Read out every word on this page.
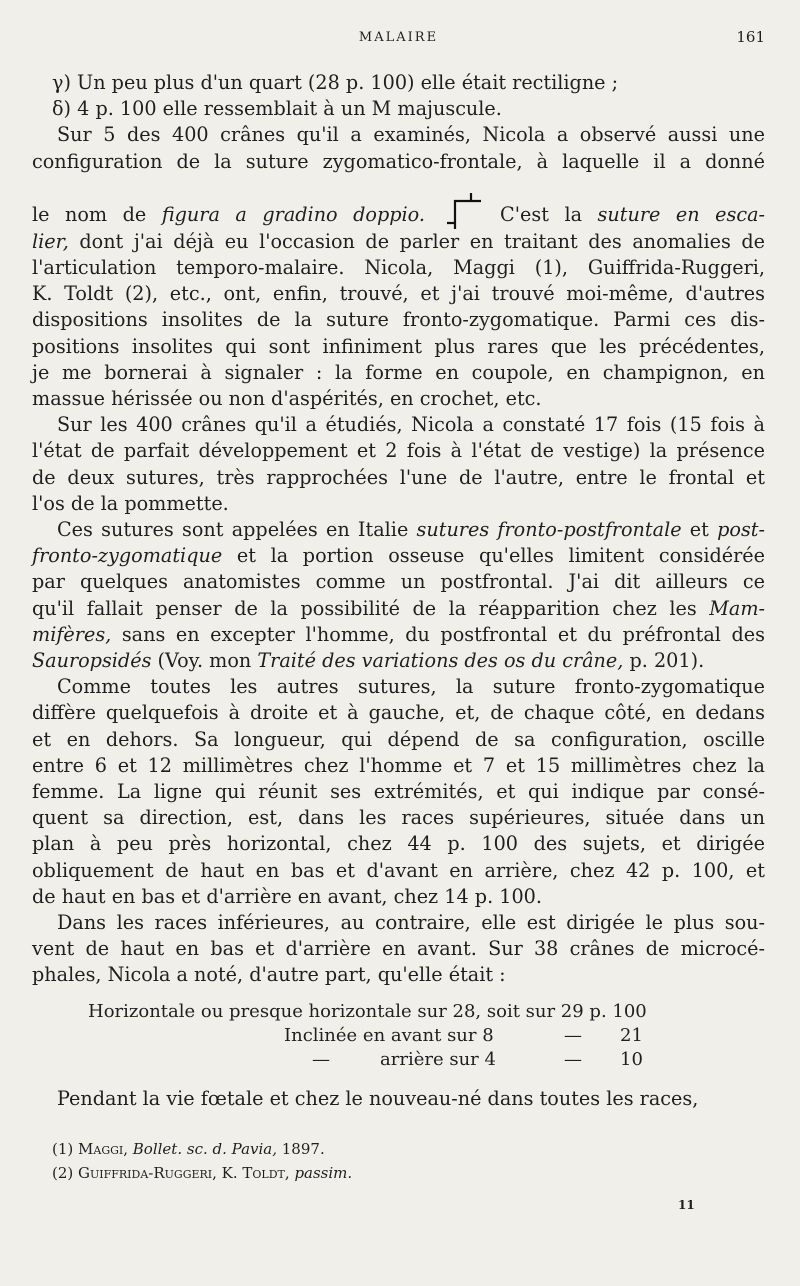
MALAIRE	161
γ) Un peu plus d'un quart (28 p. 100) elle était rectiligne ;
δ) 4 p. 100 elle ressemblait à un M majuscule.
Sur 5 des 400 crânes qu'il a examinés, Nicola a observé aussi une
configuration de la suture zygomatico-frontale, à laquelle il a donné
le nom de figura a gradino doppio.	C'est la suture en esca-
lier, dont j'ai déjà eu l'occasion de parler en traitant des anomalies de
l'articulation temporo-malaire. Nicola, Maggi (1), Guiffrida-Ruggeri,
K. Toldt (2), etc., ont, enfin, trouvé, et j'ai trouvé moi-même, d'autres
dispositions insolites de la suture fronto-zygomatique. Parmi ces dis-
positions insolites qui sont infiniment plus rares que les précédentes,
je me bornerai à signaler : la forme en coupole, en champignon, en
massue hérissée ou non d'aspérités, en crochet, etc.
Sur les 400 crânes qu'il a étudiés, Nicola a constaté 17 fois (15 fois à
l'état de parfait développement et 2 fois à l'état de vestige) la présence
de deux sutures, très rapprochées l'une de l'autre, entre le frontal et
l'os de la pommette.
Ces sutures sont appelées en Italie sutures fronto-postfrontale et post-
fronto-zygomatique et la portion osseuse qu'elles limitent considérée
par quelques anatomistes comme un postfrontal. J'ai dit ailleurs ce
qu'il fallait penser de la possibilité de la réapparition chez les Mam-
mifères, sans en excepter l'homme, du postfrontal et du préfrontal des
Sauropsidés (Voy. mon Traité des variations des os du crâne, p. 201).
Comme toutes les autres sutures, la suture fronto-zygomatique
diffère quelquefois à droite et à gauche, et, de chaque côté, en dedans
et en dehors. Sa longueur, qui dépend de sa configuration, oscille
entre 6 et 12 millimètres chez l'homme et 7 et 15 millimètres chez la
femme. La ligne qui réunit ses extrémités, et qui indique par consé-
quent sa direction, est, dans les races supérieures, située dans un
plan à peu près horizontal, chez 44 p. 100 des sujets, et dirigée
obliquement de haut en bas et d'avant en arrière, chez 42 p. 100, et
de haut en bas et d'arrière en avant, chez 14 p. 100.
Dans les races inférieures, au contraire, elle est dirigée le plus sou-
vent de haut en bas et d'arrière en avant. Sur 38 crânes de microcé-
phales, Nicola a noté, d'autre part, qu'elle était :
Horizontale ou presque horizontale sur 28, soit sur 29 p. 100
Inclinée en avant sur 8	— 21
—	arrière sur 4	— 10
Pendant la vie fœtale et chez le nouveau-né dans toutes les races,
(1) Maggi, Bollet. sc. d. Pavia, 1897.
(2) Guiffrida-Ruggeri, K. Toldt, passim.
11
